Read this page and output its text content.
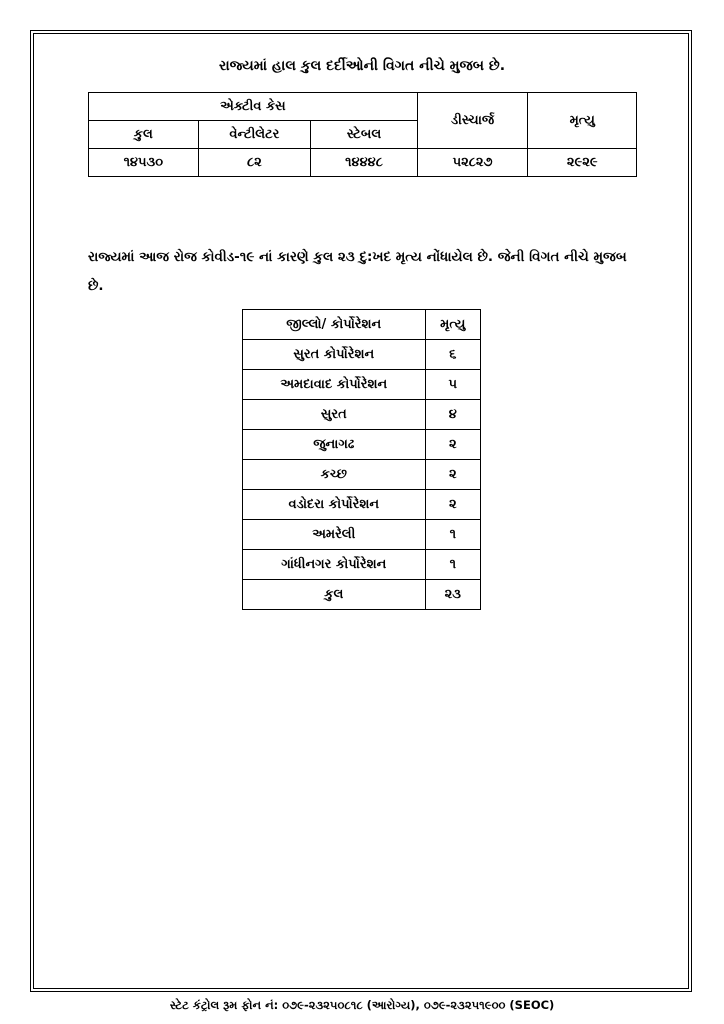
રાજ્યમાં હાલ કુલ દર્દીઓની વિગત નીચે મુજબ છે.
એક્ટીવ કેસ			ડીસ્ચાર્જ	મૃત્યુ
કુલ	વેન્ટીલેટર	સ્ટેબલ		
૧૪૫૩૦	૮૨	૧૪૪૪૮	૫૨૮૨૭	૨૯૨૯
રાજ્યમાં આજ રોજ કોવીડ-૧૯ નાં કારણે કુલ ૨૩ દુ:ખદ મૃત્ય નોંધાયેલ છે. જેની વિગત નીચે મુજબ છે.
જીલ્લો/ કોર્પોરેશન	મૃત્યુ
સુરત કોર્પોરેશન	૬
અમદાવાદ કોર્પોરેશન	૫
સુરત	૪
જુનાગઢ	૨
કચ્છ	૨
વડોદરા કોર્પોરેશન	૨
અમરેલી	૧
ગાંધીનગર કોર્પોરેશન	૧
કુલ	૨૩
સ્ટેટ કંટ્રોલ રૂમ ફોન નં: ૦૭૯-૨૩૨૫૦૮૧૮ (આરોગ્ય), ૦૭૯-૨૩૨૫૧૯૦૦ (SEOC)
